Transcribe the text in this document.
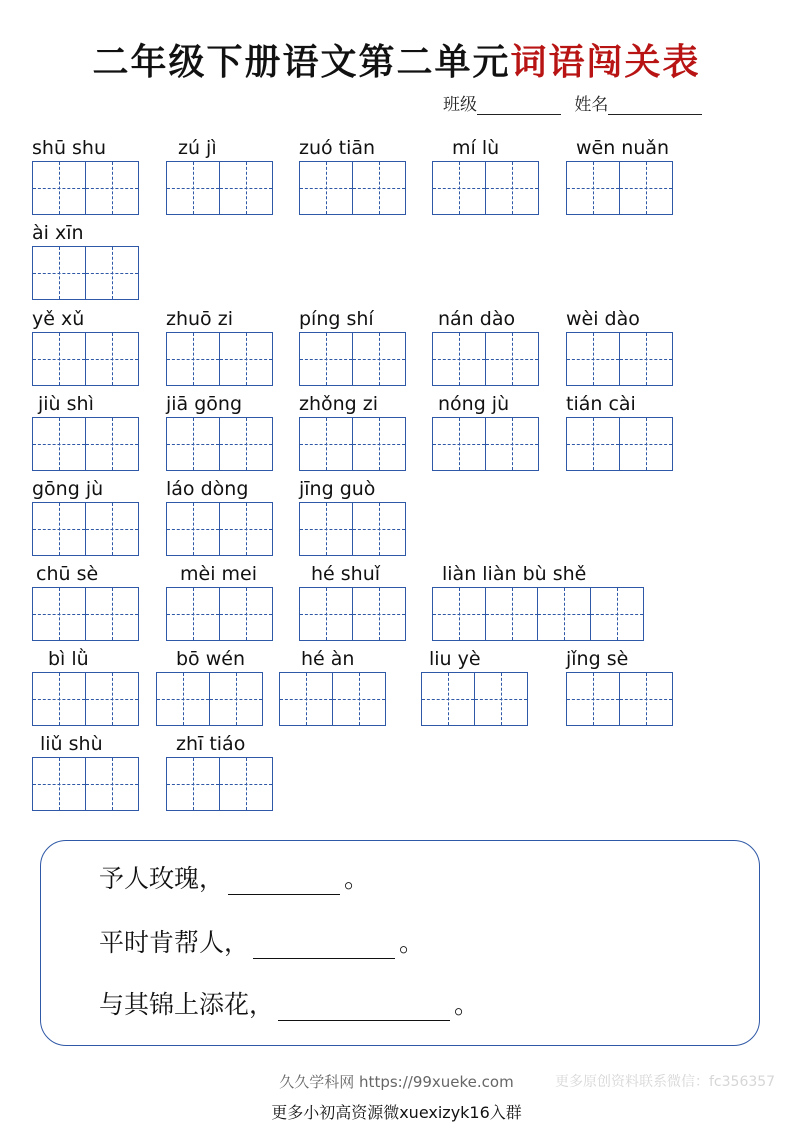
二年级下册语文第二单元词语闯关表
班级	姓名
shū shu	zú jì	zuó tiān	mí lù	wēn nuǎn
ài xīn
yě xǔ	zhuō zi	píng shí	nán dào	wèi dào
jiù shì	jiā gōng	zhǒng zi	nóng jù	tián cài
gōng jù	láo dòng	jīng guò
chū sè	mèi mei	hé shuǐ	liàn liàn bù shě
bì lǜ	bō wén	hé àn	liu yè	jǐng sè
liǔ shù	zhī tiáo
予人玫瑰，	。
平时肯帮人，	。
与其锦上添花，	。
久久学科网 https://99xueke.com	更多原创资料联系微信：fc356357
更多小初高资源微xuexizyk16入群
